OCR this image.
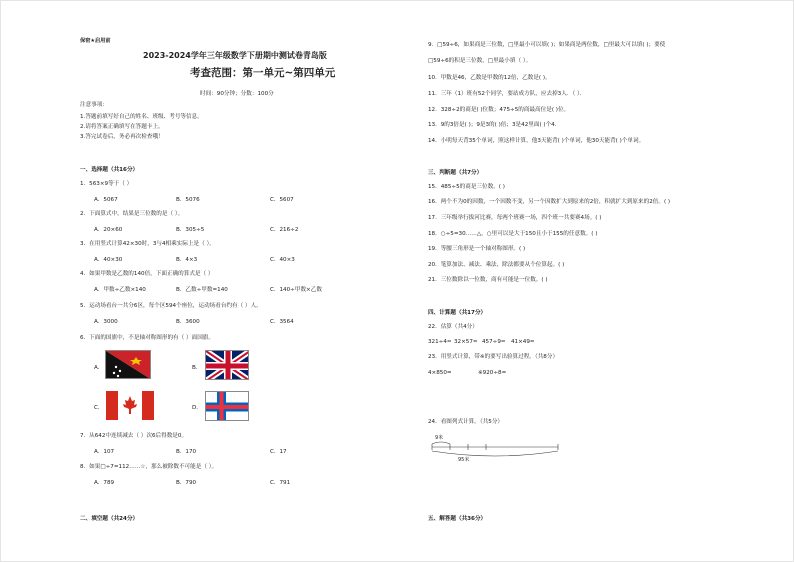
保密★启用前
2023-2024学年三年级数学下册期中测试卷青岛版
考查范围：第一单元~第四单元
时间：90分钟；分数：100分
注意事项：
1.答题前填写好自己的姓名、班级、考号等信息。
2.请将答案正确填写在答题卡上。
3.答完试卷后，务必再次检查哦！
一、选择题（共16分）
1．563×9等于（ ）
A．5067	B．5076	C．5607
2．下面算式中，结果是三位数的是（ ）。
A．20×60	B．305÷5	C．216÷2
3．在用竖式计算42×30时，3与4相乘实际上是（ ）。
A．40×30	B．4×3	C．40×3
4．如果甲数是乙数的140倍，下面正确的算式是（ ）
A．甲数÷乙数×140	B．乙数÷甲数=140	C．140÷甲数×乙数
5．运动场看台一共分6区，每个区594个座位，运动场看台约有（ ）人。
A．3000	B．3600	C．3564
6．下面的国旗中，不是轴对称图形的有（ ）面国旗。
A．	B．
C．	D．
7．从642中连续减去（ ）次6后得数是0。
A．107	B．170	C．17
8．如果□÷7=112……☆，那么被除数不可能是（ ）。
A．789	B．790	C．791
二、填空题（共24分）
9．□59÷6，如果商是三位数，□里最小可以填( )；如果商是两位数，□里最大可以填( )；要使
□59÷6的积是三位数，□里最小填（ ）。
10．甲数是46，乙数是甲数的12倍，乙数是( )。
11．三年（1）班有52个同学，要站成方队，应去掉3人．（ ）．
12．328÷2的商是( )位数；475÷5的商最高位是( )位。
13．9的3倍是( )；9是3的( )倍；3是42里面( )个4．
14．小明每天背35个单词，照这样计算，他3天能背( )个单词，他30天能背( )个单词。
三、判断题（共7分）
15．485÷5的商是三位数。( )
16．两个不为0的因数，一个因数不变，另一个因数扩大到原来的2倍，积就扩大到原来的2倍。( )
17．三年级举行拔河比赛，每两个班赛一场，四个班一共要赛4场。( )
18．○÷5=30……△，○里可以是大于150且小于155的任意数。( )
19．等腰三角形是一个轴对称图形。( )
20．笔算加法、减法、乘法、除法都要从个位算起。( )
21．三位数除以一位数，商有可能是一位数。( )
四、计算题（共17分）
22．估算（共4分）
321÷4≈ 32×57≈ 457÷9≈ 41×49≈
23．用竖式计算，带※的要写出验算过程。（共8分）
4×850=	※920÷8=
24．看图列式计算。（共5分）
9米
95米
五、解答题（共36分）
